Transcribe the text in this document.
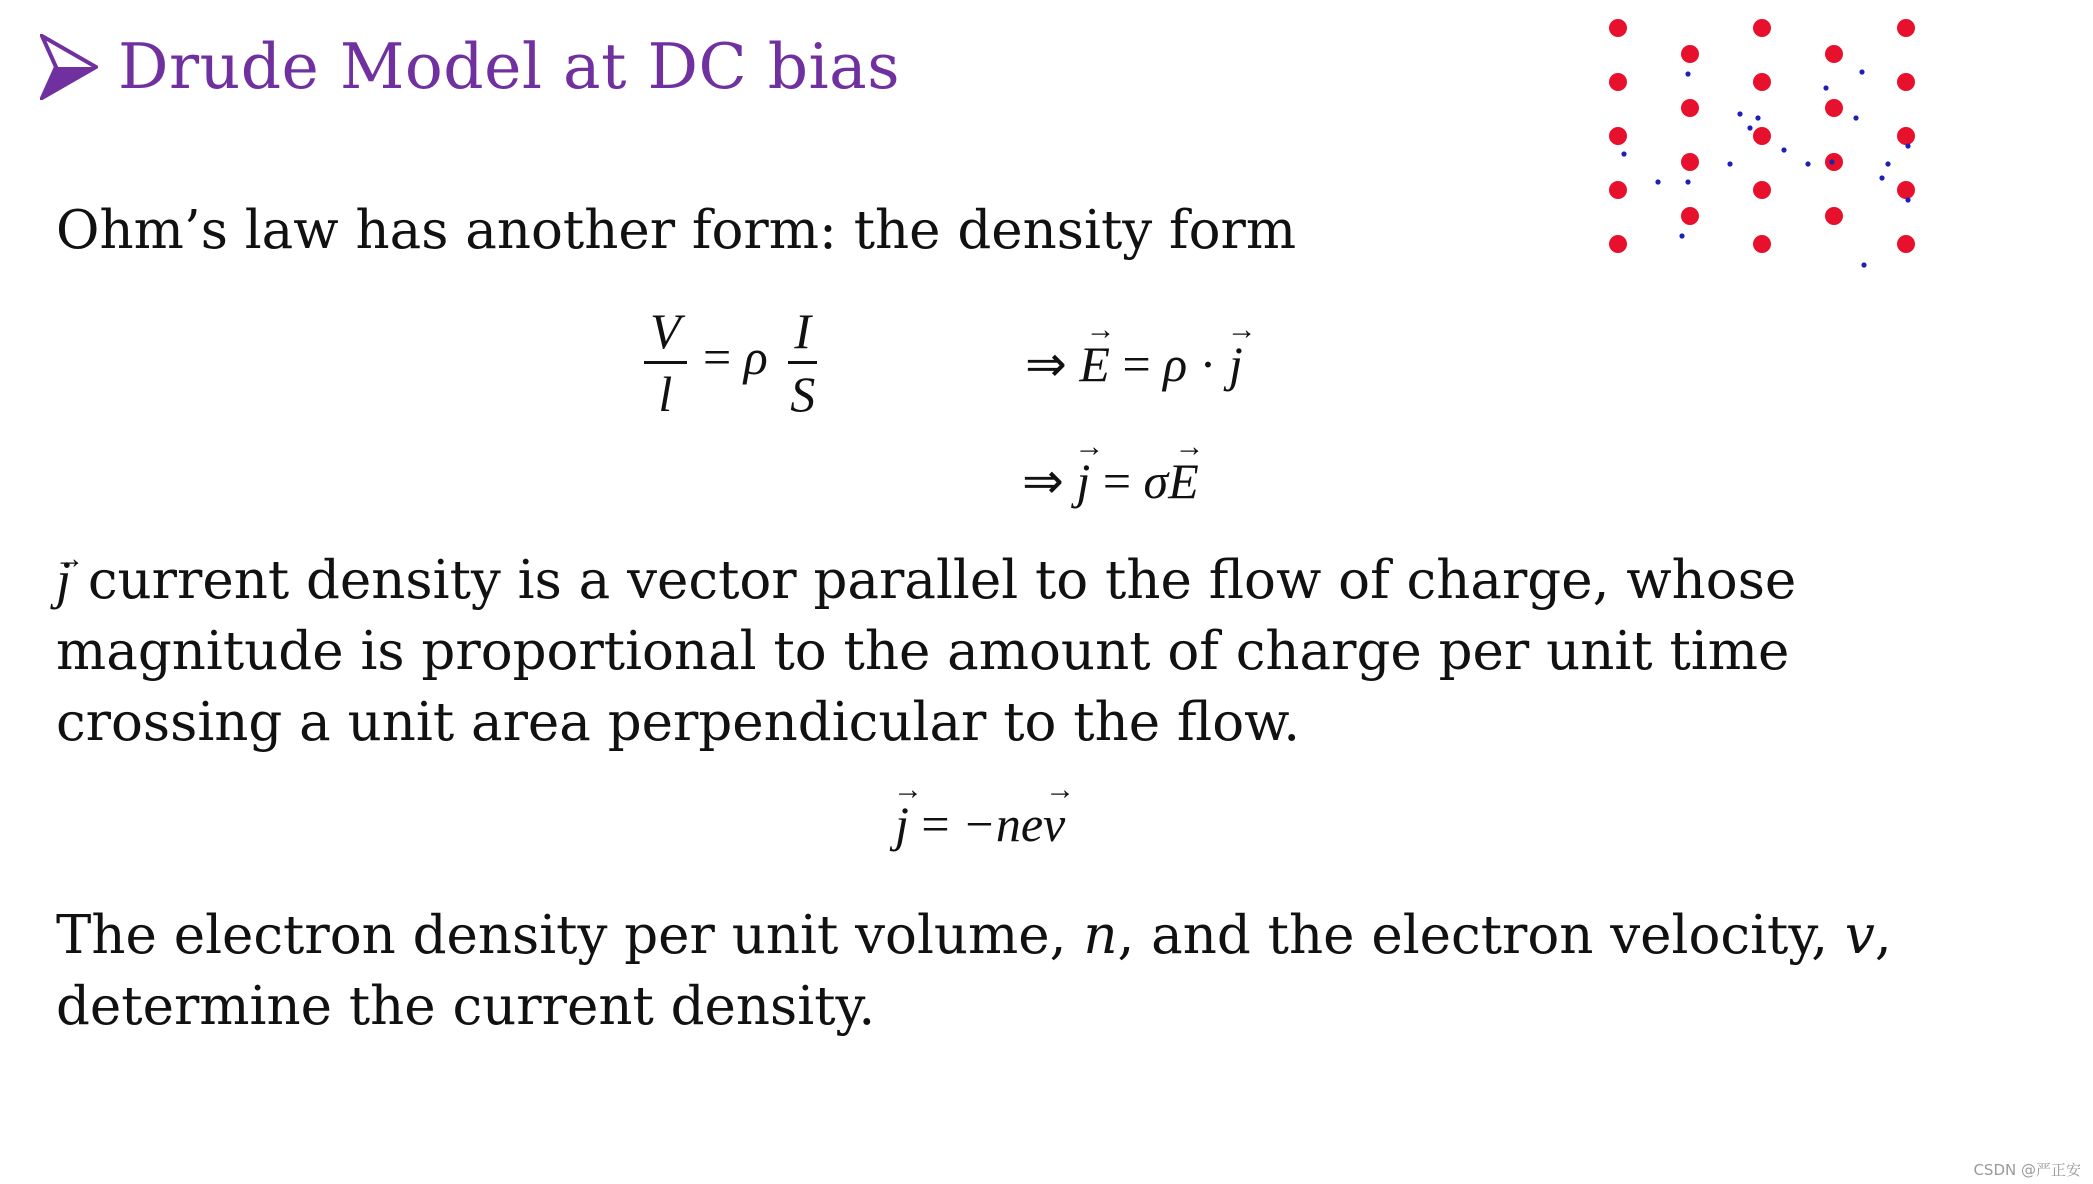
Drude Model at DC bias
Ohm’s law has another form: the density form
$\frac{V}{l} = \rho \frac{I}{S}$	⇒ → E = ρ · → j
⇒ → j = σ→ E
→ j current density is a vector parallel to the flow of charge, whose magnitude is proportional to the amount of charge per unit time crossing a unit area perpendicular to the flow.
→ j = −ne→ v
The electron density per unit volume, n, and the electron velocity, v, determine the current density.
CSDN @严正安
